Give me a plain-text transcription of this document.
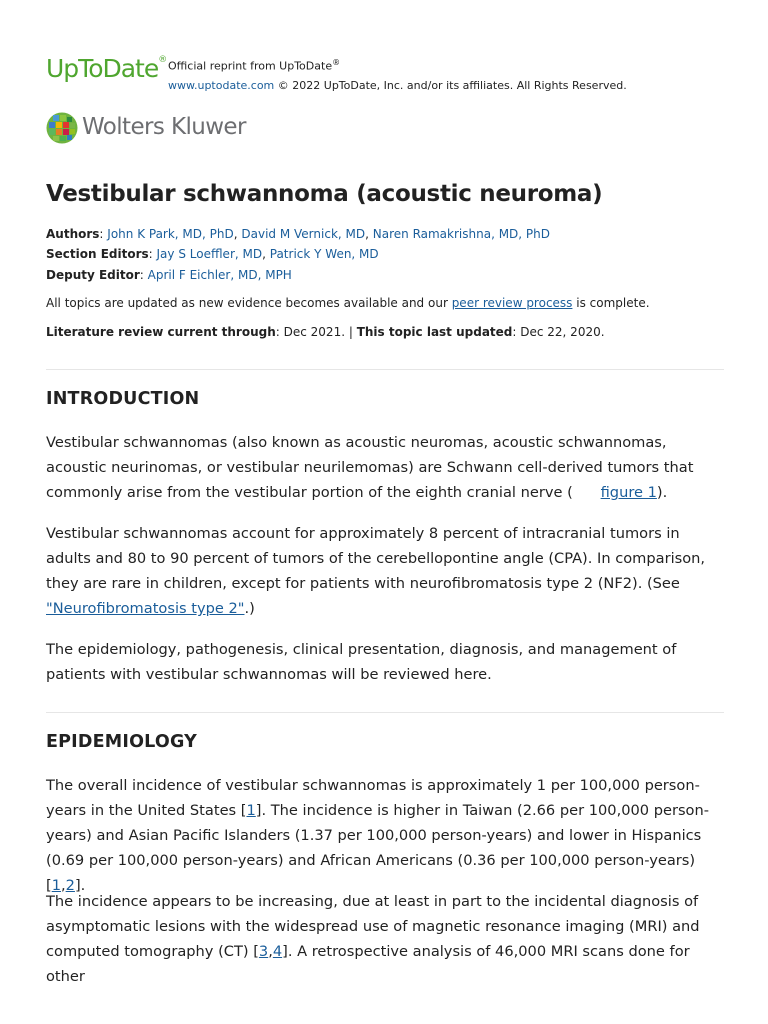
UpToDate® Official reprint from UpToDate®
www.uptodate.com © 2022 UpToDate, Inc. and/or its affiliates. All Rights Reserved.
Wolters Kluwer
Vestibular schwannoma (acoustic neuroma)
Authors: John K Park, MD, PhD, David M Vernick, MD, Naren Ramakrishna, MD, PhD
Section Editors: Jay S Loeffler, MD, Patrick Y Wen, MD
Deputy Editor: April F Eichler, MD, MPH
All topics are updated as new evidence becomes available and our peer review process is complete.
Literature review current through: Dec 2021. | This topic last updated: Dec 22, 2020.
INTRODUCTION

Vestibular schwannomas (also known as acoustic neuromas, acoustic schwannomas, acoustic neurinomas, or vestibular neurilemomas) are Schwann cell-derived tumors that commonly arise from the vestibular portion of the eighth cranial nerve (      figure 1).

Vestibular schwannomas account for approximately 8 percent of intracranial tumors in adults and 80 to 90 percent of tumors of the cerebellopontine angle (CPA). In comparison, they are rare in children, except for patients with neurofibromatosis type 2 (NF2). (See "Neurofibromatosis type 2".)

The epidemiology, pathogenesis, clinical presentation, diagnosis, and management of patients with vestibular schwannomas will be reviewed here.

EPIDEMIOLOGY

The overall incidence of vestibular schwannomas is approximately 1 per 100,000 person-years in the United States [1]. The incidence is higher in Taiwan (2.66 per 100,000 person-years) and Asian Pacific Islanders (1.37 per 100,000 person-years) and lower in Hispanics (0.69 per 100,000 person-years) and African Americans (0.36 per 100,000 person-years) [1,2].

The incidence appears to be increasing, due at least in part to the incidental diagnosis of asymptomatic lesions with the widespread use of magnetic resonance imaging (MRI) and computed tomography (CT) [3,4]. A retrospective analysis of 46,000 MRI scans done for other
